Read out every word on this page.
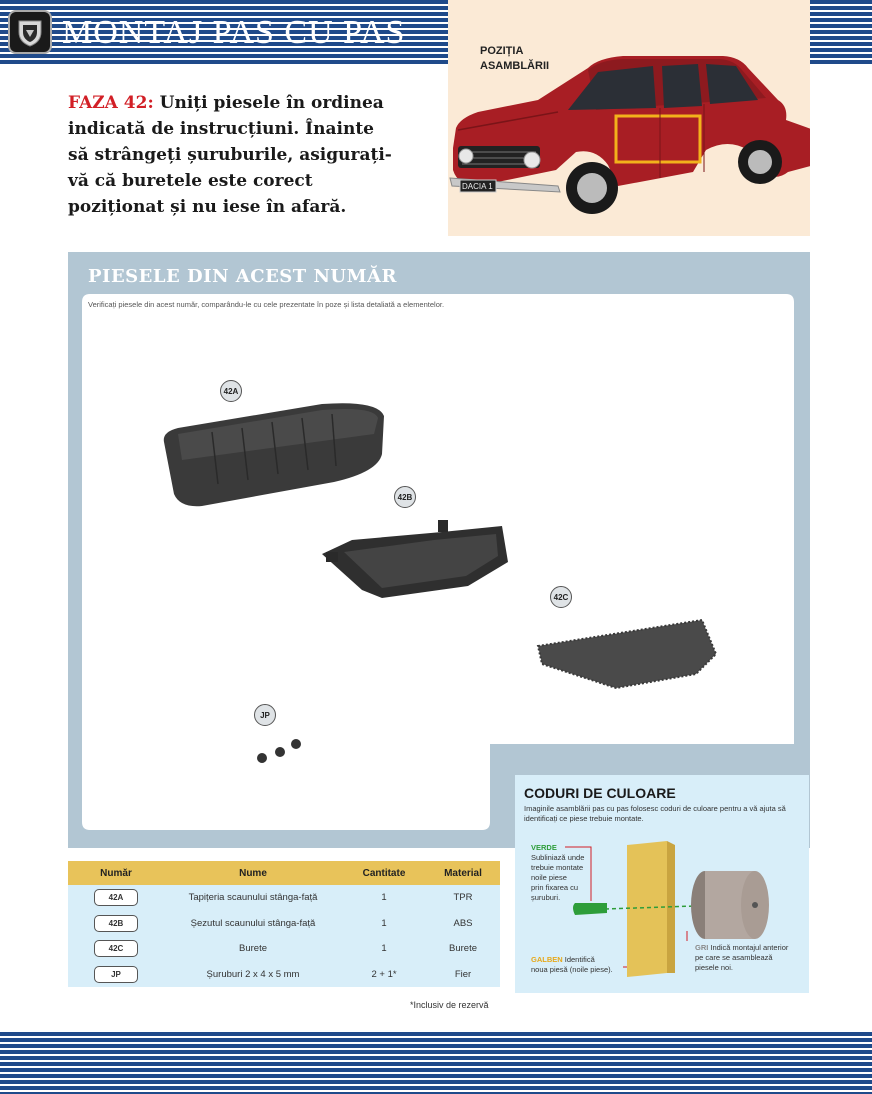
MONTAJ PAS CU PAS
FAZA 42: Uniți piesele în ordinea indicată de instrucțiuni. Înainte să strângeți șuruburile, asigurați-vă că buretele este corect poziționat și nu iese în afară.
POZIȚIA
ASAMBLĂRII
DACIA 1
PIESELE DIN ACEST NUMĂR
Verificați piesele din acest număr, comparându-le cu cele prezentate în poze și lista detaliată a elementelor.
42A
42B
42C
JP
CODURI DE CULOARE
Imaginile asamblării pas cu pas folosesc coduri de culoare pentru a vă ajuta să identificați ce piese trebuie montate.
VERDE
Subliniază unde
trebuie montate
noile piese
prin fixarea cu
șuruburi.
GALBEN Identifică
noua piesă (noile piese).
GRI Indică montajul anterior
pe care se asamblează
piesele noi.
Număr	Nume	Cantitate	Material
42A	Tapițeria scaunului stânga-față	1	TPR
42B	Șezutul scaunului stânga-față	1	ABS
42C	Burete	1	Burete
JP	Șuruburi 2 x 4 x 5 mm	2 + 1*	Fier
*Inclusiv de rezervă
